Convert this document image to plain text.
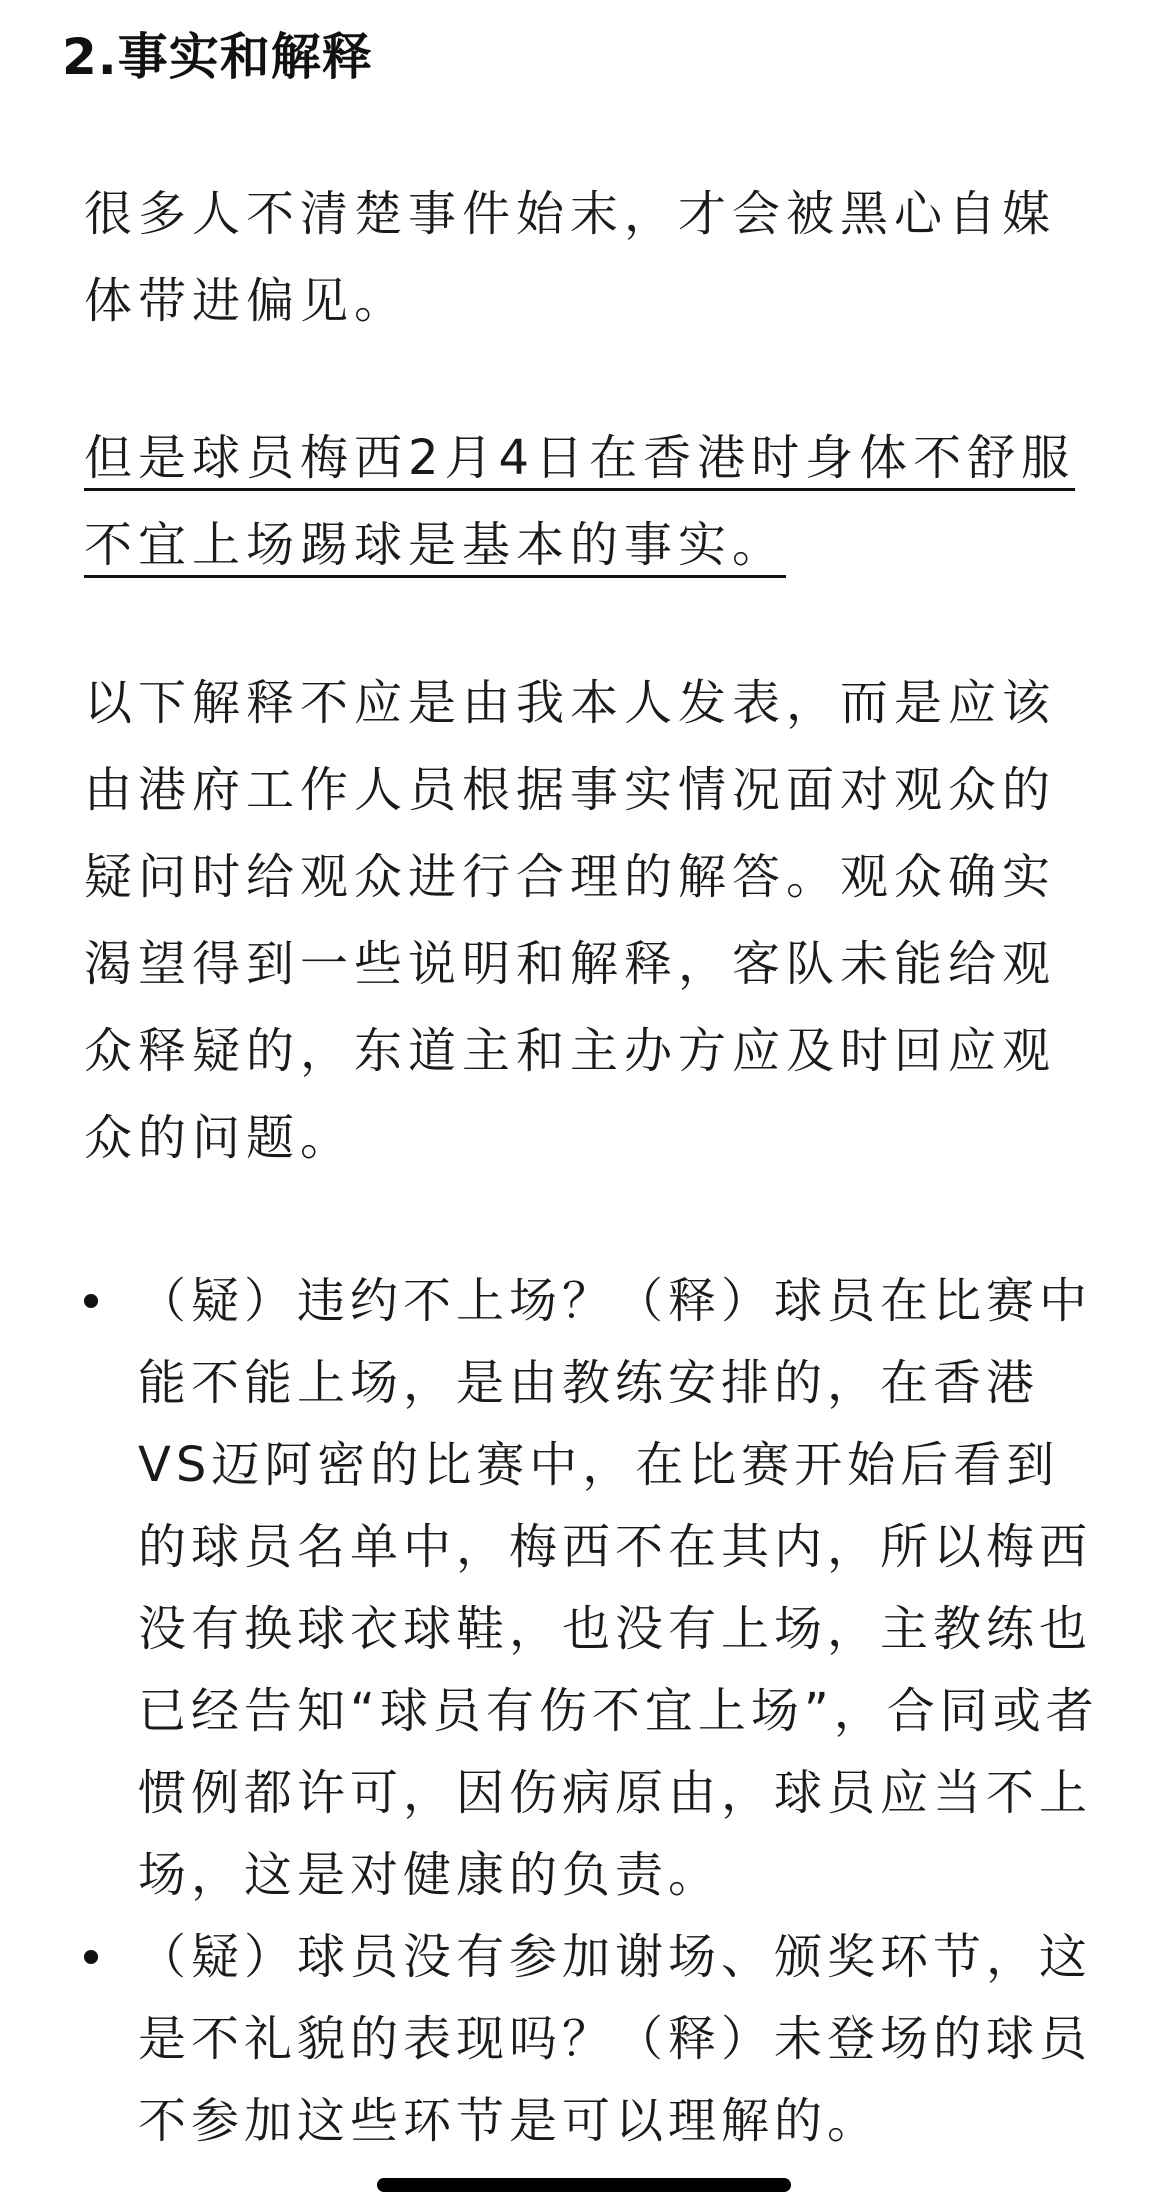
2.事实和解释

很多人不清楚事件始末，才会被黑心自媒体带进偏见。

但是球员梅西2月4日在香港时身体不舒服不宜上场踢球是基本的事实。

以下解释不应是由我本人发表，而是应该由港府工作人员根据事实情况面对观众的疑问时给观众进行合理的解答。观众确实渴望得到一些说明和解释，客队未能给观众释疑的，东道主和主办方应及时回应观众的问题。

（疑）违约不上场？（释）球员在比赛中能不能上场，是由教练安排的，在香港VS迈阿密的比赛中，在比赛开始后看到的球员名单中，梅西不在其内，所以梅西没有换球衣球鞋，也没有上场，主教练也已经告知“球员有伤不宜上场”，合同或者惯例都许可，因伤病原由，球员应当不上场，这是对健康的负责。
（疑）球员没有参加谢场、颁奖环节，这是不礼貌的表现吗？（释）未登场的球员不参加这些环节是可以理解的。
